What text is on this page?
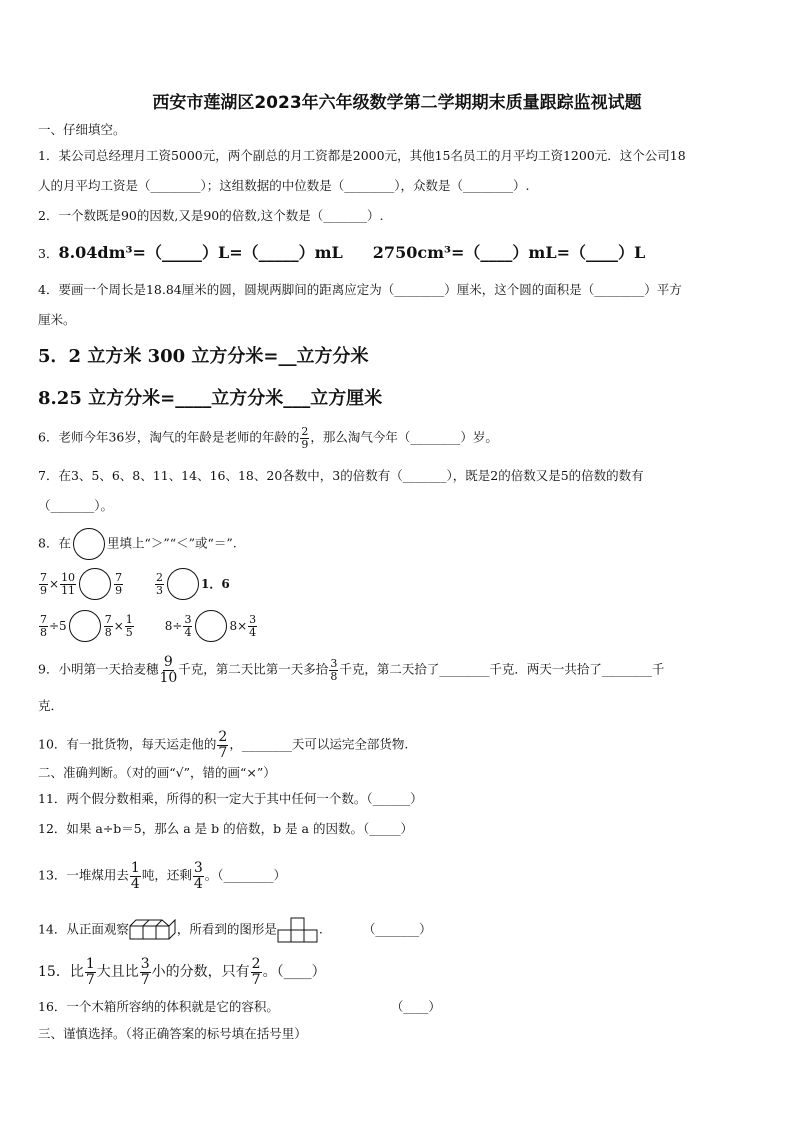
西安市莲湖区2023年六年级数学第二学期期末质量跟踪监视试题
一、仔细填空。
1．某公司总经理月工资5000元，两个副总的月工资都是2000元，其他15名员工的月平均工资1200元．这个公司18
人的月平均工资是（________）；这组数据的中位数是（________），众数是（________）.
2．一个数既是90的因数,又是90的倍数,这个数是（_______）.
3．8.04dm³=（_____）L=（_____）mL 2750cm³=（____）mL=（____）L
4．要画一个周长是18.84厘米的圆，圆规两脚间的距离应定为（________）厘米，这个圆的面积是（________）平方
厘米。
5．2 立方米 300 立方分米=__立方分米
8.25 立方分米=____立方分米___立方厘米
6．老师今年36岁，淘气的年龄是老师的年龄的 $\frac{2}{9}$ ，那么淘气今年（________）岁。
7．在3、5、6、8、11、14、16、18、20各数中，3的倍数有（_______），既是2的倍数又是5的倍数的数有
（_______）。
8．在	里填上“＞”“＜”或“＝”.
$\frac{7}{9} \times \frac{10}{11}$	$\frac{7}{9}$
	$\frac{2}{3}$	1．6
$\frac{7}{8} \div 5$	$\frac{7}{8} \times \frac{1}{5}$	$8\div \frac{3}{4}$	$8\times \frac{3}{4}$
9．小明第一天拾麦穗 $\frac{9}{10}$ 千克，第二天比第一天多拾 $\frac{3}{8}$ 千克，第二天拾了________千克．两天一共拾了________千
克．
10．有一批货物，每天运走他的 $\frac{2}{7}$ ，________天可以运完全部货物.
二、准确判断。（对的画“√”，错的画“×”）
11．两个假分数相乘，所得的积一定大于其中任何一个数。（______）
12．如果 a÷b＝5，那么 a 是 b 的倍数，b 是 a 的因数。（_____）
13．一堆煤用去 $\frac{1}{4}$ 吨，还剩 $\frac{3}{4}$ 。（________）
14．从正面观察	，所看到的图形是	.	（_______）
15．比 $\frac{1}{7}$ 大且比 $\frac{3}{7}$ 小的分数，只有 $\frac{2}{7}$ 。（____）
16．一个木箱所容纳的体积就是它的容积。	（____）
三、谨慎选择。（将正确答案的标号填在括号里）
